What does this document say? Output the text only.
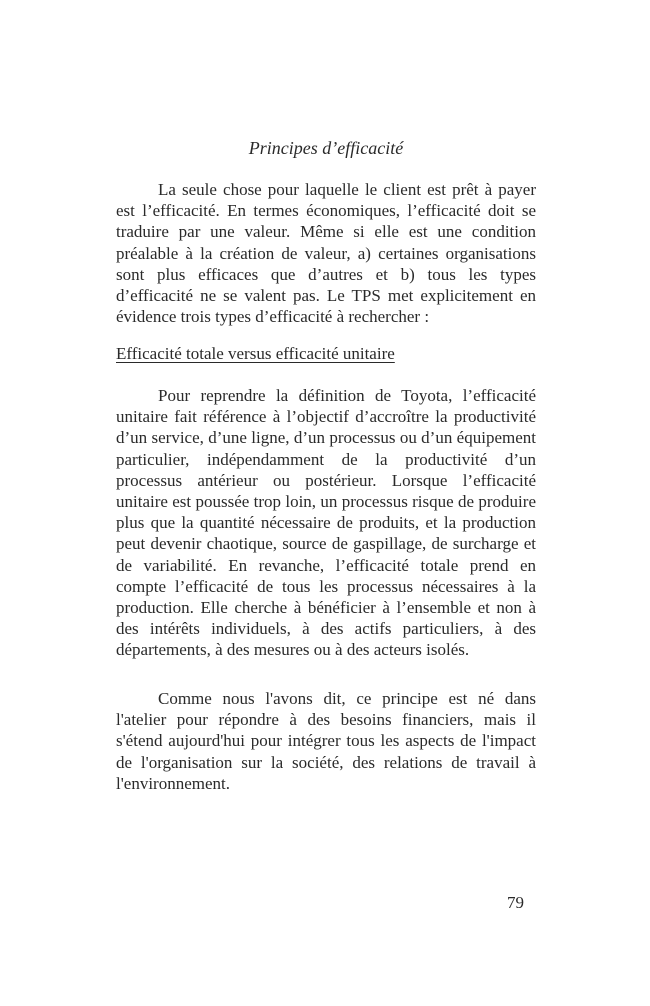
Principes d’efficacité

La seule chose pour laquelle le client est prêt à payer est l’efficacité. En termes économiques, l’efficacité doit se traduire par une valeur. Même si elle est une condition préalable à la création de valeur, a) certaines organisations sont plus efficaces que d’autres et b) tous les types d’efficacité ne se valent pas. Le TPS met explicitement en évidence trois types d’efficacité à rechercher :

Efficacité totale versus efficacité unitaire

Pour reprendre la définition de Toyota, l’efficacité unitaire fait référence à l’objectif d’accroître la productivité d’un service, d’une ligne, d’un processus ou d’un équipement particulier, indépendamment de la productivité d’un processus antérieur ou postérieur. Lorsque l’efficacité unitaire est poussée trop loin, un processus risque de produire plus que la quantité nécessaire de produits, et la production peut devenir chaotique, source de gaspillage, de surcharge et de variabilité. En revanche, l’efficacité totale prend en compte l’efficacité de tous les processus nécessaires à la production. Elle cherche à bénéficier à l’ensemble et non à des intérêts individuels, à des actifs particuliers, à des départements, à des mesures ou à des acteurs isolés.

Comme nous l'avons dit, ce principe est né dans l'atelier pour répondre à des besoins financiers, mais il s'étend aujourd'hui pour intégrer tous les aspects de l'impact de l'organisation sur la société, des relations de travail à l'environnement.

79
